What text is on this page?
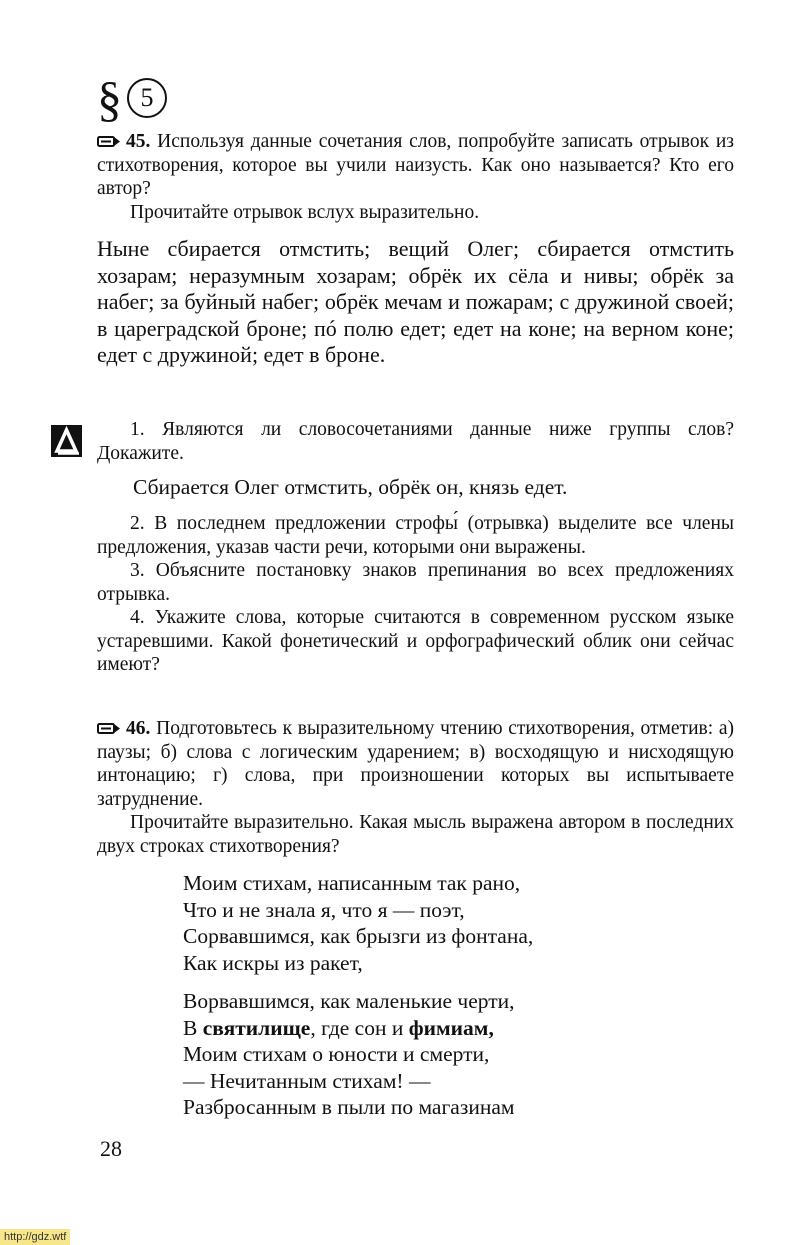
§ 5

45. Используя данные сочетания слов, попробуйте записать отрывок из стихотворения, которое вы учили наизусть. Как оно называется? Кто его автор?

Прочитайте отрывок вслух выразительно.

Ныне сбирается отмстить; вещий Олег; сбирается отмстить хозарам; неразумным хозарам; обрёк их сёла и нивы; обрёк за набег; за буйный набег; обрёк мечам и пожарам; с дружиной своей; в цареградской броне; пó полю едет; едет на коне; на верном коне; едет с дружиной; едет в броне.
1. Являются ли словосочетаниями данные ниже группы слов? Докажите.
Сбирается Олег отмстить, обрёк он, князь едет.

2. В последнем предложении строфы́ (отрывка) выделите все члены предложения, указав части речи, которыми они выражены.

3. Объясните постановку знаков препинания во всех предложениях отрывка.

4. Укажите слова, которые считаются в современном русском языке устаревшими. Какой фонетический и орфографический облик они сейчас имеют?

46. Подготовьтесь к выразительному чтению стихотворения, отметив: а) паузы; б) слова с логическим ударением; в) восходящую и нисходящую интонацию; г) слова, при произношении которых вы испытываете затруднение.

Прочитайте выразительно. Какая мысль выражена автором в последних двух строках стихотворения?

Моим стихам, написанным так рано,
Что и не знала я, что я — поэт,
Сорвавшимся, как брызги из фонтана,
Как искры из ракет,
Ворвавшимся, как маленькие черти,
В святилище, где сон и фимиам,
Моим стихам о юности и смерти,
— Нечитанным стихам! —
Разбросанным в пыли по магазинам
28
http://gdz.wtf
